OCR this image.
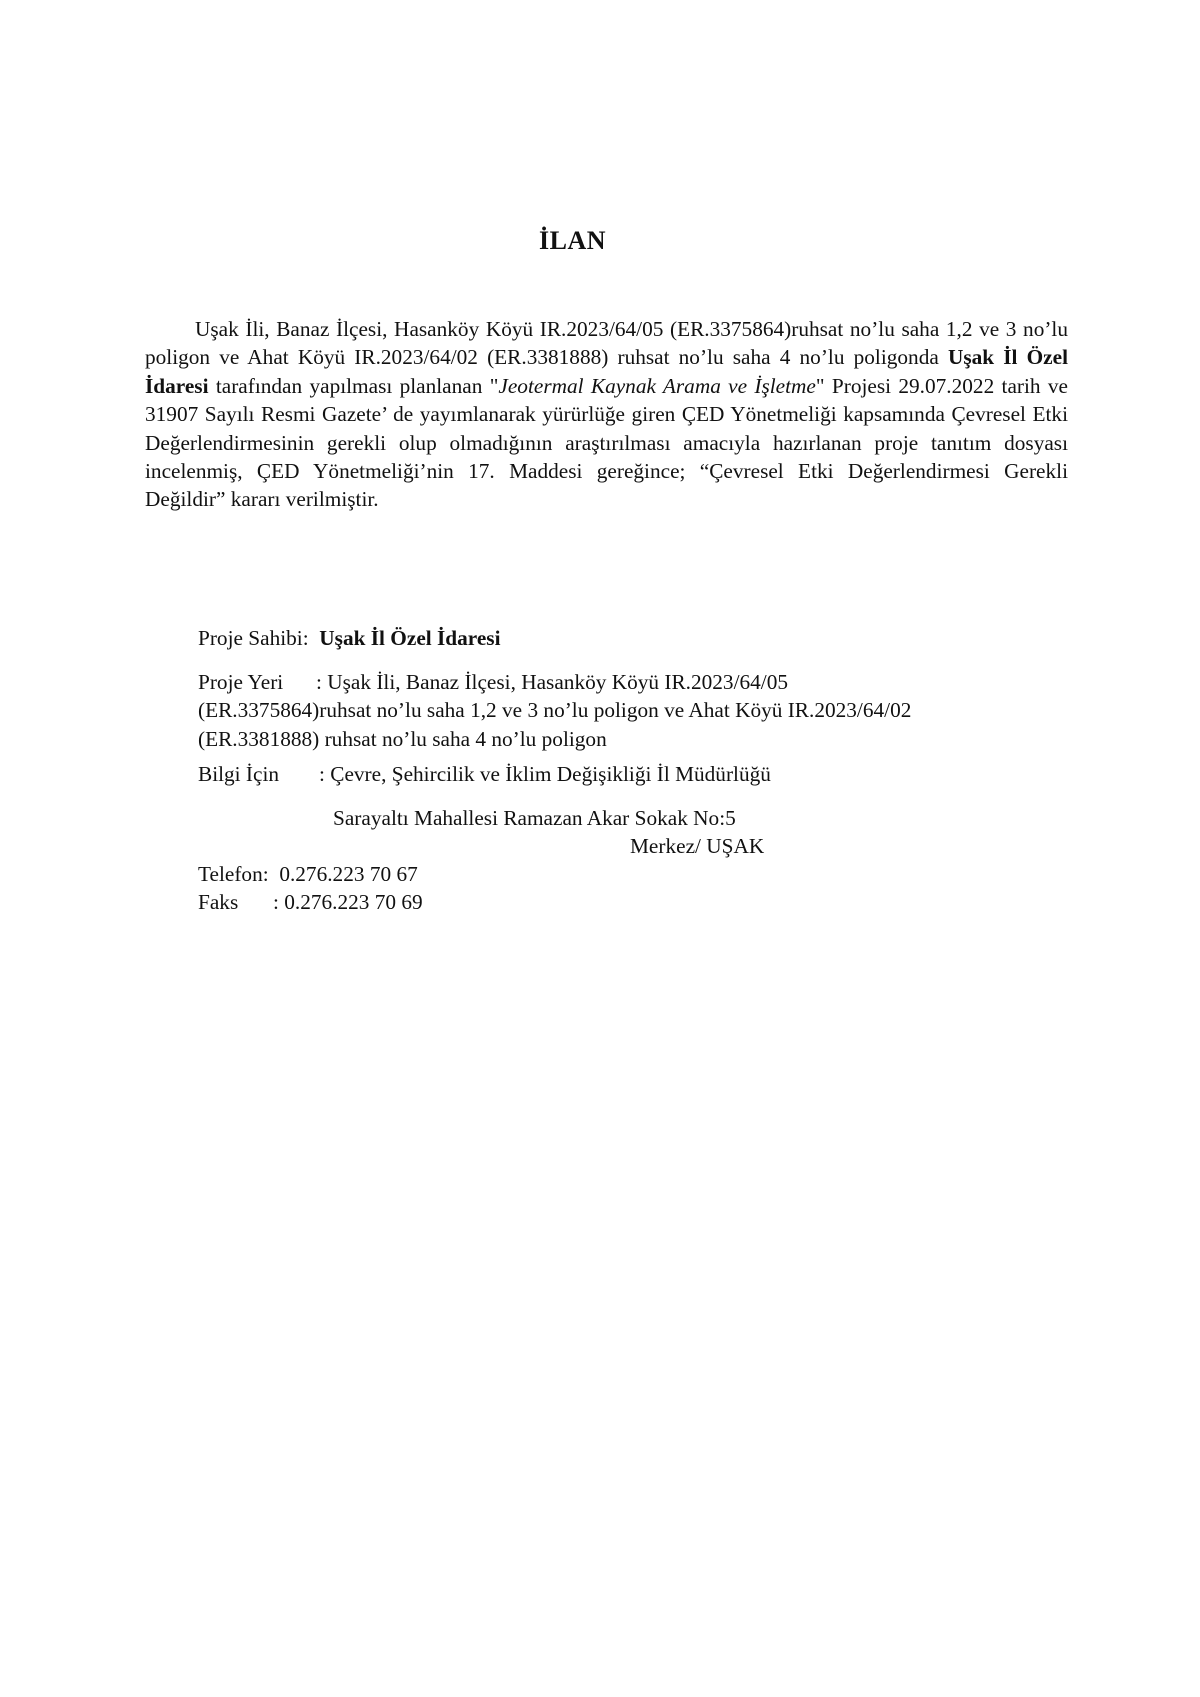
İLAN

Uşak İli, Banaz İlçesi, Hasanköy Köyü IR.2023/64/05 (ER.3375864)ruhsat no’lu saha 1,2 ve 3 no’lu poligon ve Ahat Köyü IR.2023/64/02 (ER.3381888) ruhsat no’lu saha 4 no’lu poligonda Uşak İl Özel İdaresi tarafından yapılması planlanan "Jeotermal Kaynak Arama ve İşletme" Projesi 29.07.2022 tarih ve 31907 Sayılı Resmi Gazete’ de yayımlanarak yürürlüğe giren ÇED Yönetmeliği kapsamında Çevresel Etki Değerlendirmesinin gerekli olup olmadığının araştırılması amacıyla hazırlanan proje tanıtım dosyası incelenmiş, ÇED Yönetmeliği’nin 17. Maddesi gereğince; “Çevresel Etki Değerlendirmesi Gerekli Değildir” kararı verilmiştir.

Proje Sahibi: Uşak İl Özel İdaresi

Proje Yeri : Uşak İli, Banaz İlçesi, Hasanköy Köyü IR.2023/64/05
(ER.3375864)ruhsat no’lu saha 1,2 ve 3 no’lu poligon ve Ahat Köyü IR.2023/64/02
(ER.3381888) ruhsat no’lu saha 4 no’lu poligon

Bilgi İçin : Çevre, Şehircilik ve İklim Değişikliği İl Müdürlüğü

Sarayaltı Mahallesi Ramazan Akar Sokak No:5

Merkez/ UŞAK

Telefon: 0.276.223 70 67

Faks : 0.276.223 70 69
